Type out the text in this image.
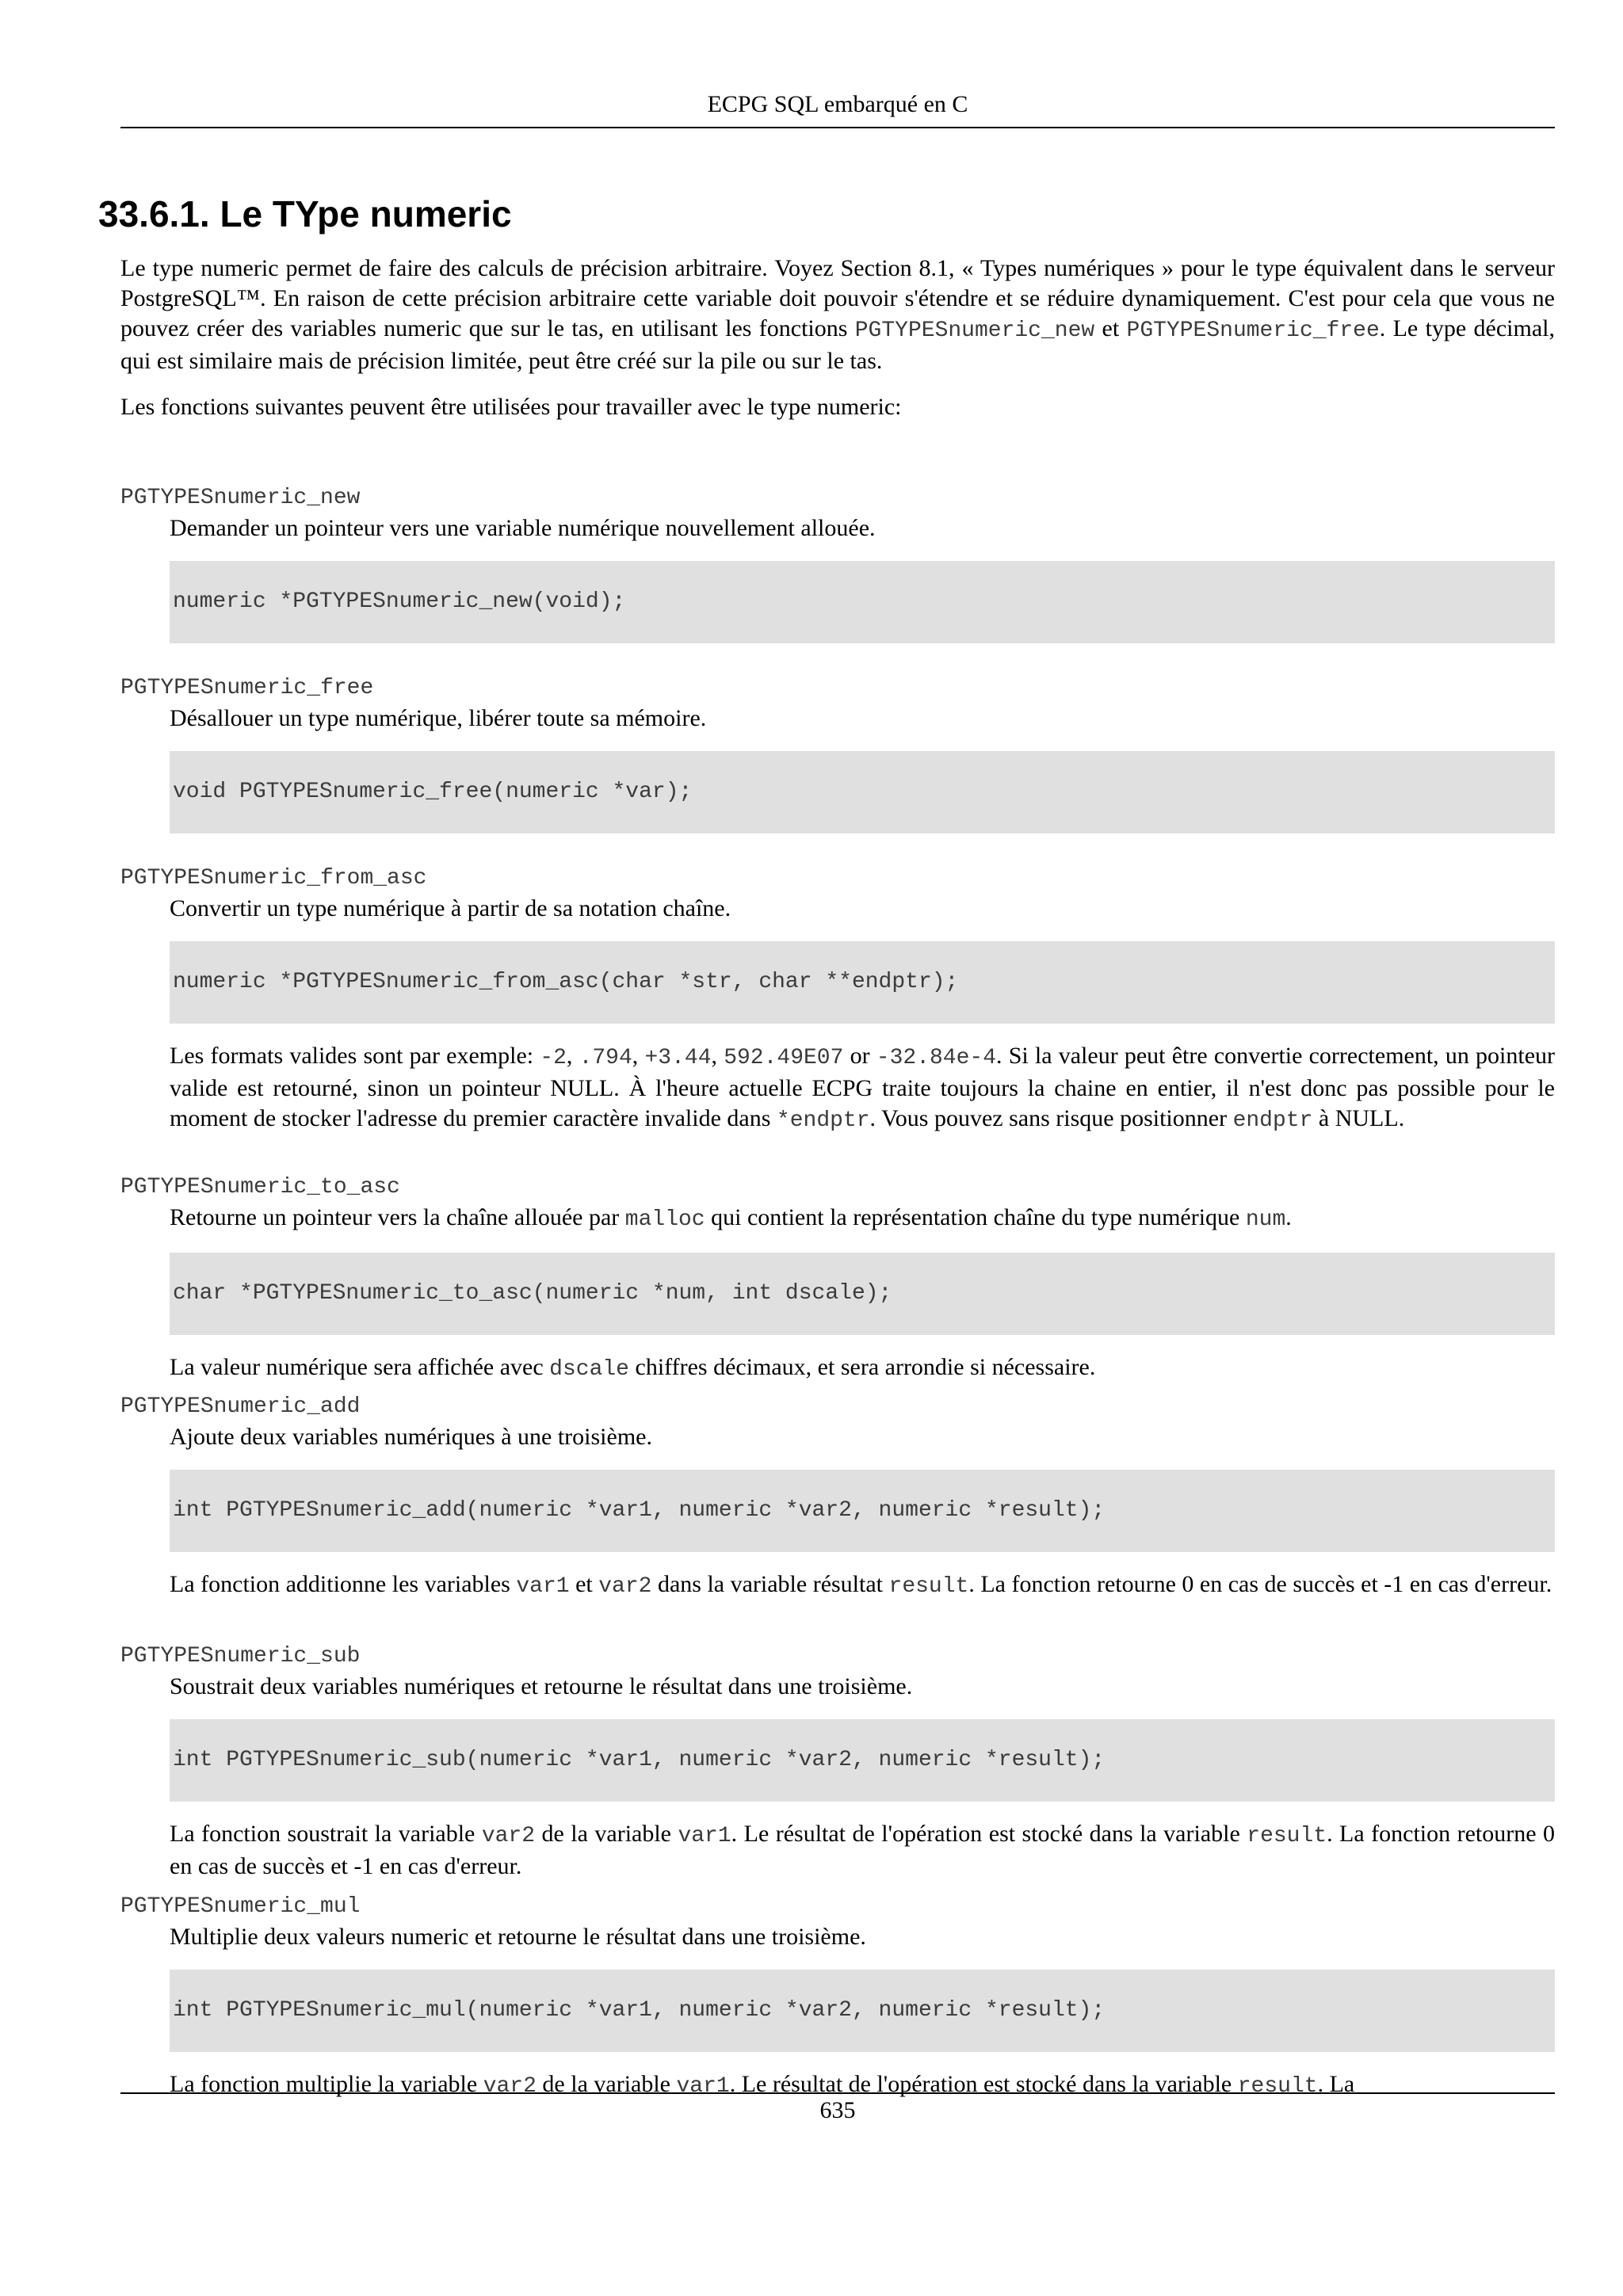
ECPG SQL embarqué en C
33.6.1. Le TYpe numeric

Le type numeric permet de faire des calculs de précision arbitraire. Voyez Section 8.1, « Types numériques » pour le type équivalent dans le serveur PostgreSQL™. En raison de cette précision arbitraire cette variable doit pouvoir s'étendre et se réduire dynamiquement. C'est pour cela que vous ne pouvez créer des variables numeric que sur le tas, en utilisant les fonctions PGTYPESnumeric_new et PGTYPESnumeric_free. Le type décimal, qui est similaire mais de précision limitée, peut être créé sur la pile ou sur le tas.

Les fonctions suivantes peuvent être utilisées pour travailler avec le type numeric:

PGTYPESnumeric_new

Demander un pointeur vers une variable numérique nouvellement allouée.

numeric *PGTYPESnumeric_new(void);
PGTYPESnumeric_free

Désallouer un type numérique, libérer toute sa mémoire.

void PGTYPESnumeric_free(numeric *var);
PGTYPESnumeric_from_asc

Convertir un type numérique à partir de sa notation chaîne.

numeric *PGTYPESnumeric_from_asc(char *str, char **endptr);

Les formats valides sont par exemple: -2, .794, +3.44, 592.49E07 or -32.84e-4. Si la valeur peut être convertie correctement, un pointeur valide est retourné, sinon un pointeur NULL. À l'heure actuelle ECPG traite toujours la chaine en entier, il n'est donc pas possible pour le moment de stocker l'adresse du premier caractère invalide dans *endptr. Vous pouvez sans risque positionner endptr à NULL.

PGTYPESnumeric_to_asc

Retourne un pointeur vers la chaîne allouée par malloc qui contient la représentation chaîne du type numérique num.

char *PGTYPESnumeric_to_asc(numeric *num, int dscale);

La valeur numérique sera affichée avec dscale chiffres décimaux, et sera arrondie si nécessaire.

PGTYPESnumeric_add

Ajoute deux variables numériques à une troisième.

int PGTYPESnumeric_add(numeric *var1, numeric *var2, numeric *result);

La fonction additionne les variables var1 et var2 dans la variable résultat result. La fonction retourne 0 en cas de succès et -1 en cas d'erreur.

PGTYPESnumeric_sub

Soustrait deux variables numériques et retourne le résultat dans une troisième.

int PGTYPESnumeric_sub(numeric *var1, numeric *var2, numeric *result);

La fonction soustrait la variable var2 de la variable var1. Le résultat de l'opération est stocké dans la variable result. La fonction retourne 0 en cas de succès et -1 en cas d'erreur.

PGTYPESnumeric_mul

Multiplie deux valeurs numeric et retourne le résultat dans une troisième.

int PGTYPESnumeric_mul(numeric *var1, numeric *var2, numeric *result);

La fonction multiplie la variable var2 de la variable var1. Le résultat de l'opération est stocké dans la variable result. La

635
